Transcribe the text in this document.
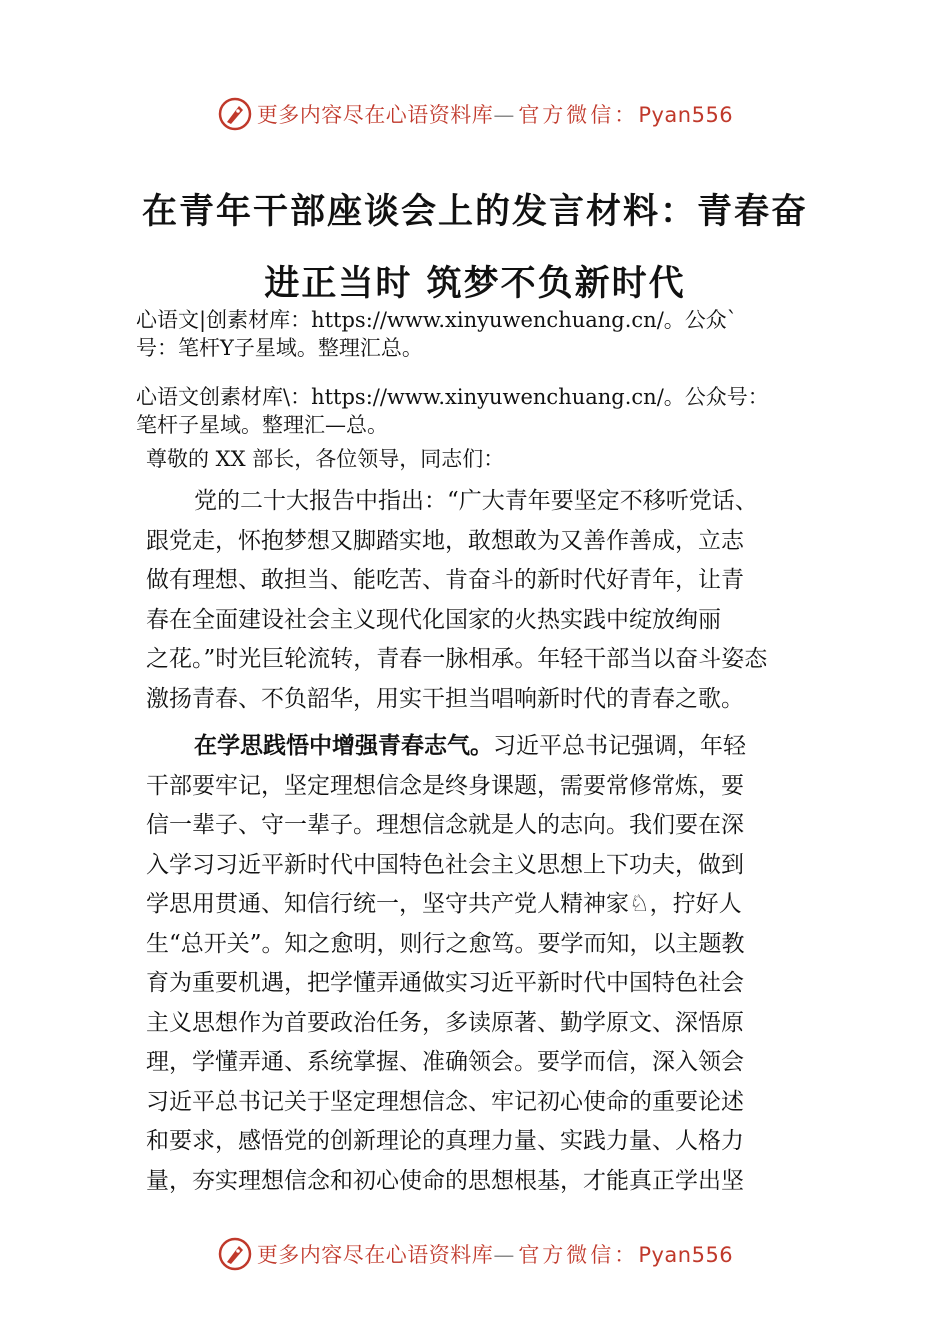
更多内容尽在心语资料库—官方微信：Pyan556
在青年干部座谈会上的发言材料：青春奋
进正当时 筑梦不负新时代
心语文|创素材库：https://www.xinyuwenchuang.cn/。公众`
号：笔杆Y子星域。整理汇总。
心语文创素材库\：https://www.xinyuwenchuang.cn/。公众号：
笔杆子星域。整理汇—总。

尊敬的 XX 部长，各位领导，同志们：

党的二十大报告中指出：“广大青年要坚定不移听党话、
跟党走，怀抱梦想又脚踏实地，敢想敢为又善作善成，立志
做有理想、敢担当、能吃苦、肯奋斗的新时代好青年，让青
春在全面建设社会主义现代化国家的火热实践中绽放绚丽
之花。”时光巨轮流转，青春一脉相承。年轻干部当以奋斗姿态
激扬青春、不负韶华，用实干担当唱响新时代的青春之歌。
在学思践悟中增强青春志气。习近平总书记强调，年轻
干部要牢记，坚定理想信念是终身课题，需要常修常炼，要
信一辈子、守一辈子。理想信念就是人的志向。我们要在深
入学习习近平新时代中国特色社会主义思想上下功夫，做到
学思用贯通、知信行统一，坚守共产党人精神家♘，拧好人
生“总开关”。知之愈明，则行之愈笃。要学而知，以主题教
育为重要机遇，把学懂弄通做实习近平新时代中国特色社会
主义思想作为首要政治任务，多读原著、勤学原文、深悟原
理，学懂弄通、系统掌握、准确领会。要学而信，深入领会
习近平总书记关于坚定理想信念、牢记初心使命的重要论述
和要求，感悟党的创新理论的真理力量、实践力量、人格力
量，夯实理想信念和初心使命的思想根基，才能真正学出坚
更多内容尽在心语资料库—官方微信：Pyan556
